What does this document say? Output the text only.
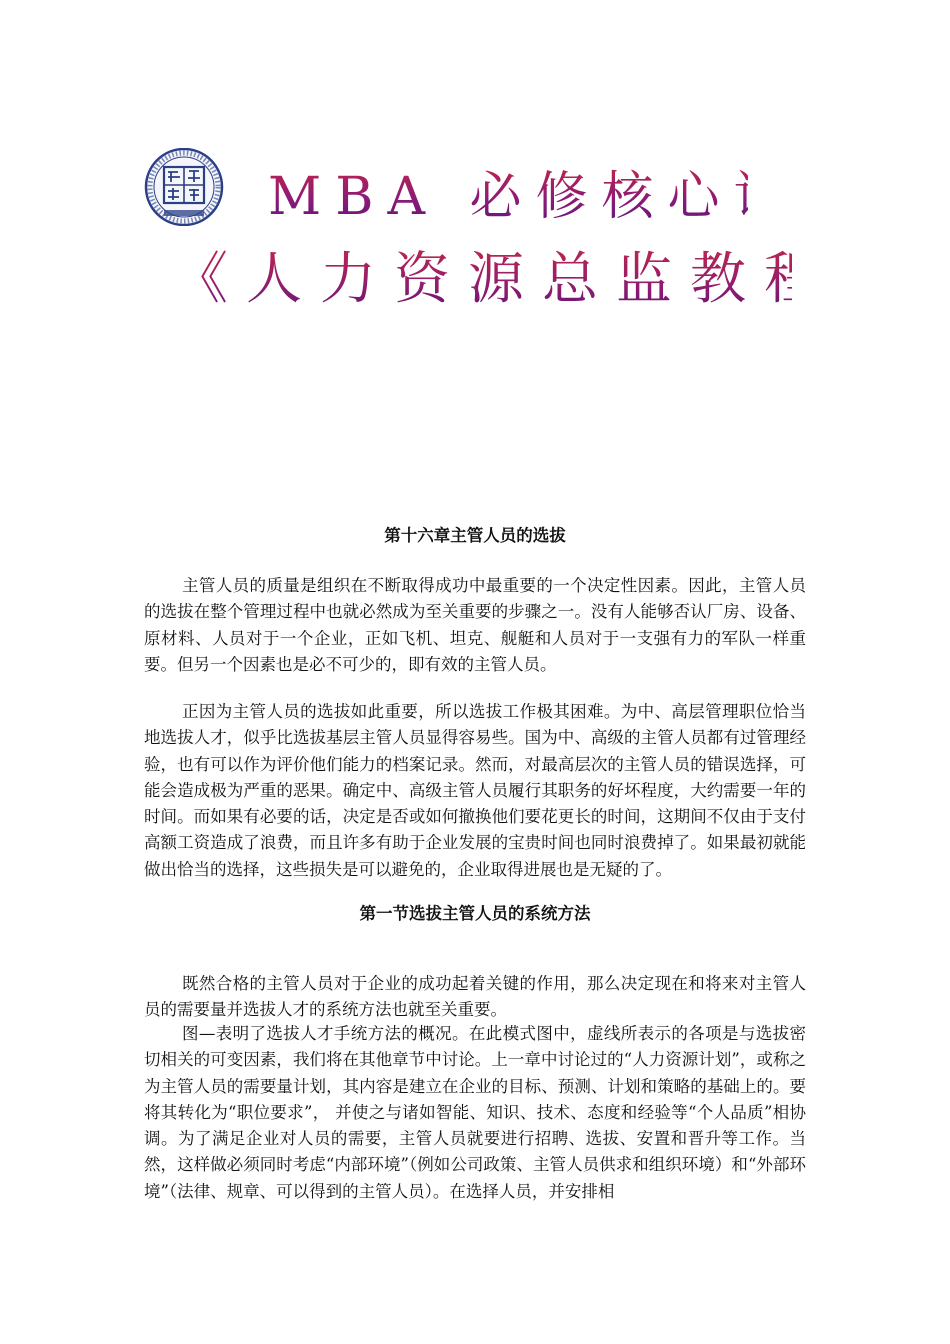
MBA 必修核心课程
《人力资源总监教程》
第十六章主管人员的选拔

主管人员的质量是组织在不断取得成功中最重要的一个决定性因素。因此，主管人员的选拔在整个管理过程中也就必然成为至关重要的步骤之一。没有人能够否认厂房、设备、原材料、人员对于一个企业，正如飞机、坦克、舰艇和人员对于一支强有力的军队一样重要。但另一个因素也是必不可少的，即有效的主管人员。

正因为主管人员的选拔如此重要，所以选拔工作极其困难。为中、高层管理职位恰当地选拔人才，似乎比选拔基层主管人员显得容易些。国为中、高级的主管人员都有过管理经验，也有可以作为评价他们能力的档案记录。然而，对最高层次的主管人员的错误选择，可能会造成极为严重的恶果。确定中、高级主管人员履行其职务的好坏程度，大约需要一年的时间。而如果有必要的话，决定是否或如何撤换他们要花更长的时间，这期间不仅由于支付高额工资造成了浪费，而且许多有助于企业发展的宝贵时间也同时浪费掉了。如果最初就能做出恰当的选择，这些损失是可以避免的，企业取得进展也是无疑的了。

第一节选拔主管人员的系统方法

既然合格的主管人员对于企业的成功起着关键的作用，那么决定现在和将来对主管人员的需要量并选拔人才的系统方法也就至关重要。

图—表明了选拔人才手统方法的概况。在此模式图中，虚线所表示的各项是与选拔密切相关的可变因素，我们将在其他章节中讨论。上一章中讨论过的“人力资源计划”，或称之为主管人员的需要量计划，其内容是建立在企业的目标、预测、计划和策略的基础上的。要将其转化为“职位要求”， 并使之与诸如智能、知识、技术、态度和经验等“个人品质”相协调。为了满足企业对人员的需要，主管人员就要进行招聘、选拔、安置和晋升等工作。当然，这样做必须同时考虑“内部环境”（例如公司政策、主管人员供求和组织环境）和“外部环境”（法律、规章、可以得到的主管人员）。在选择人员，并安排相
